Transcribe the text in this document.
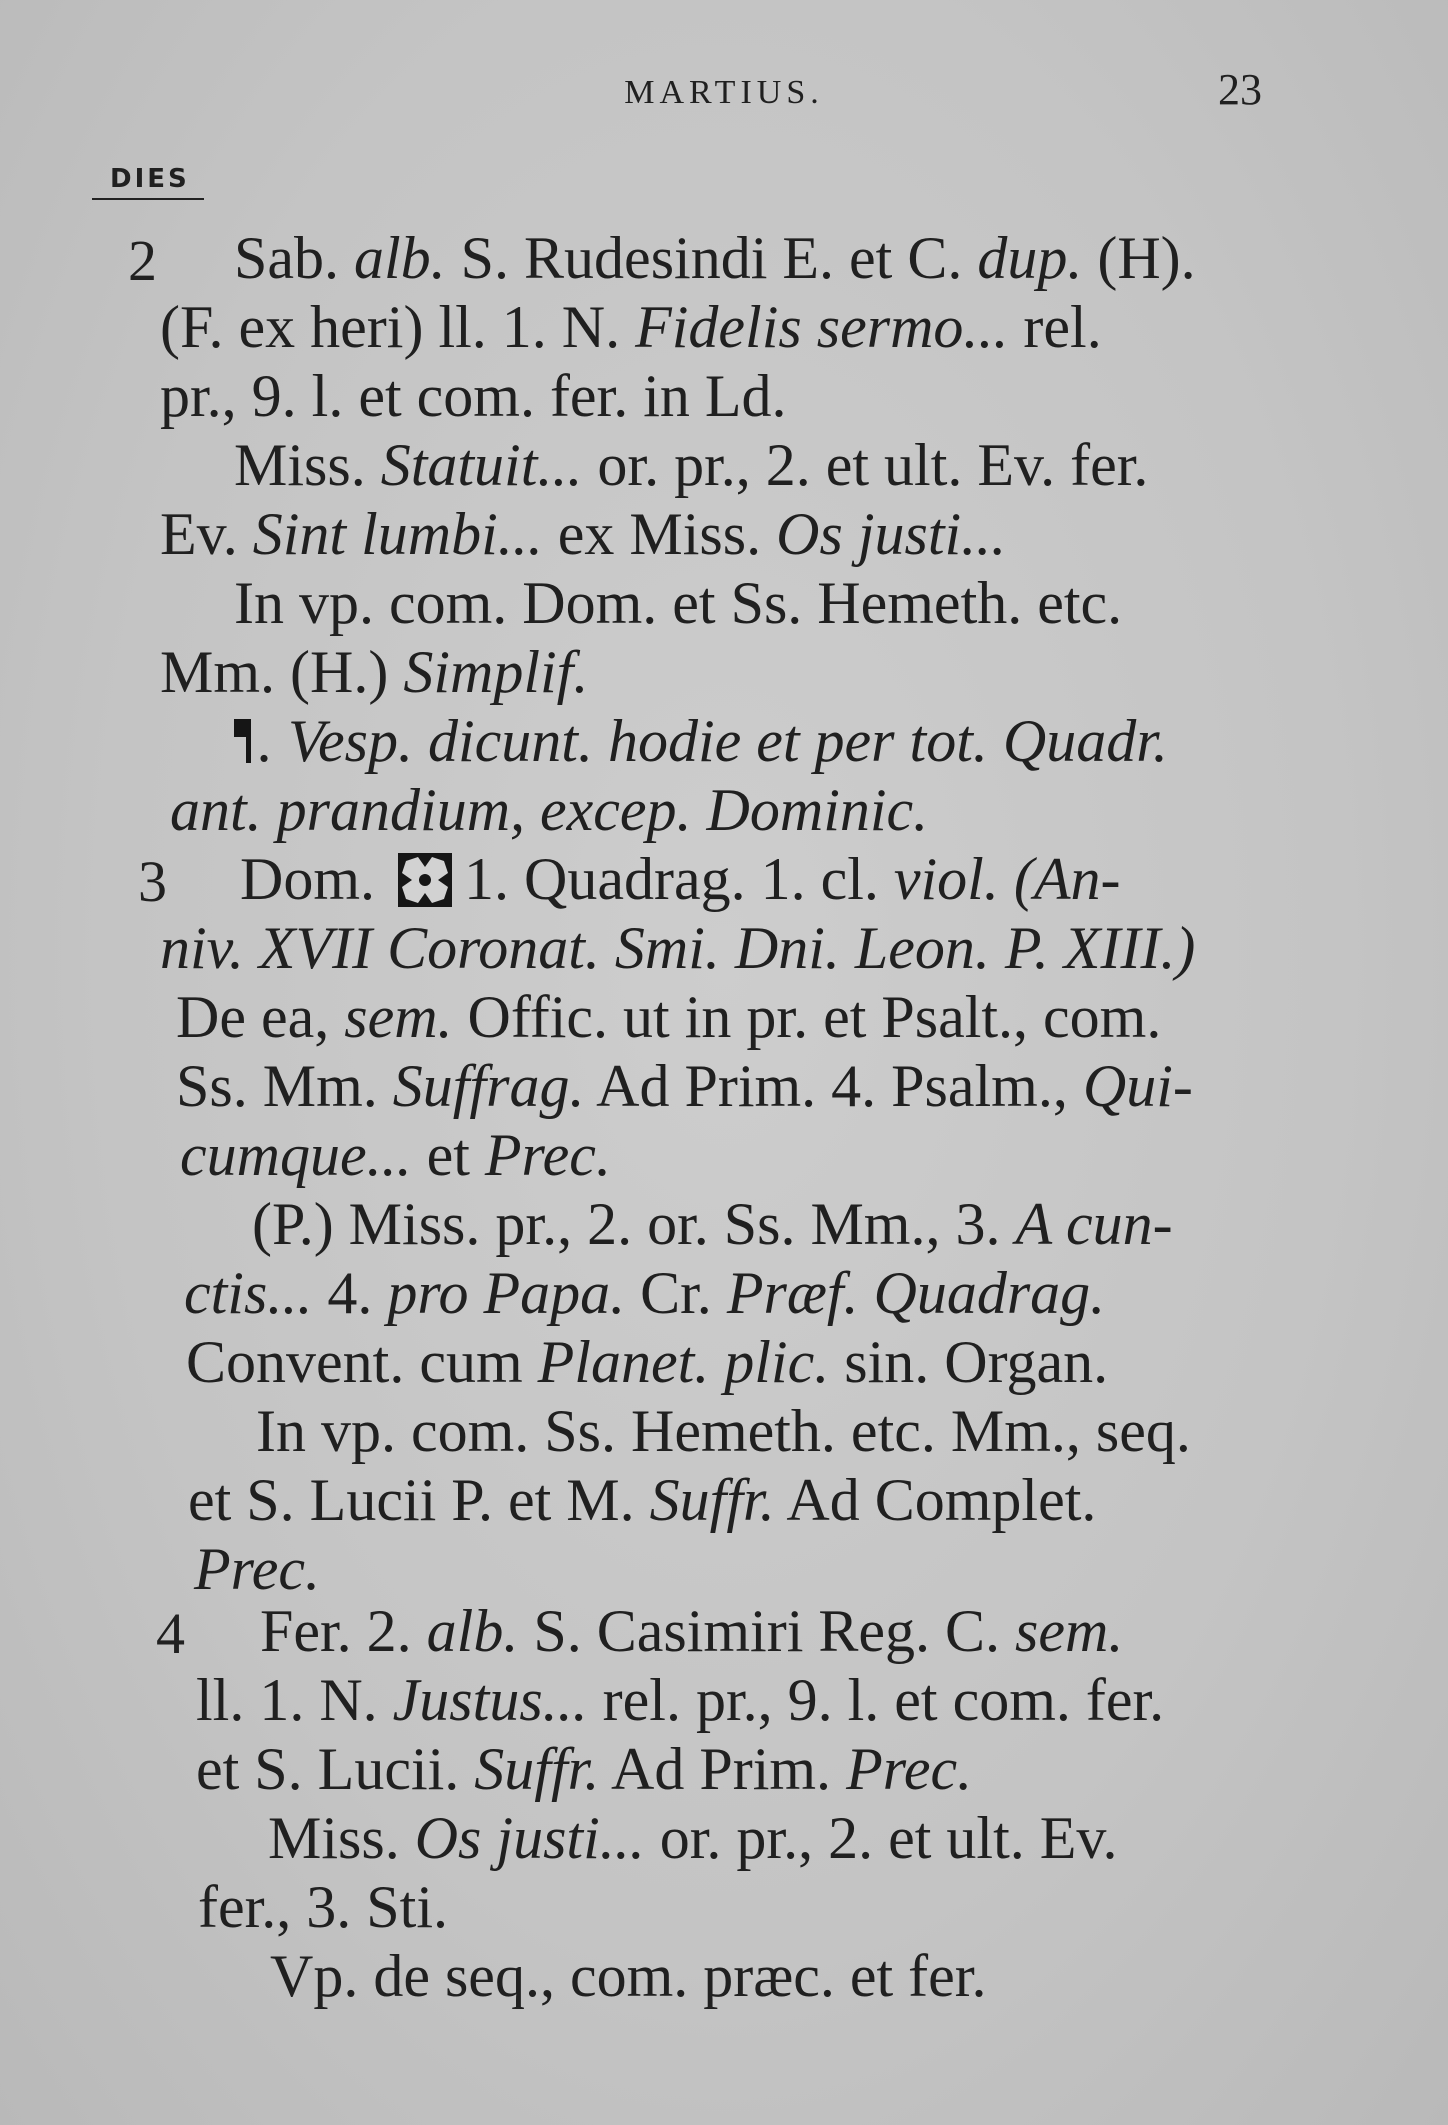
MARTIUS.	23
DIES
2 Sab. alb. S. Rudesindi E. et C. dup. (H).
(F. ex heri) ll. 1. N. Fidelis sermo... rel.
pr., 9. l. et com. fer. in Ld.
Miss. Statuit... or. pr., 2. et ult. Ev. fer.
Ev. Sint lumbi... ex Miss. Os justi...
In vp. com. Dom. et Ss. Hemeth. etc.
Mm. (H.) Simplif.
. Vesp. dicunt. hodie et per tot. Quadr.
ant. prandium, excep. Dominic.
3 Dom. 1. Quadrag. 1. cl. viol. (An-
niv. XVII Coronat. Smi. Dni. Leon. P. XIII.)
De ea, sem. Offic. ut in pr. et Psalt., com.
Ss. Mm. Suffrag. Ad Prim. 4. Psalm., Qui-
cumque... et Prec.
(P.) Miss. pr., 2. or. Ss. Mm., 3. A cun-
ctis... 4. pro Papa. Cr. Præf. Quadrag.
Convent. cum Planet. plic. sin. Organ.
In vp. com. Ss. Hemeth. etc. Mm., seq.
et S. Lucii P. et M. Suffr. Ad Complet.
Prec.
4 Fer. 2. alb. S. Casimiri Reg. C. sem.
ll. 1. N. Justus... rel. pr., 9. l. et com. fer.
et S. Lucii. Suffr. Ad Prim. Prec.
Miss. Os justi... or. pr., 2. et ult. Ev.
fer., 3. Sti.
Vp. de seq., com. præc. et fer.
